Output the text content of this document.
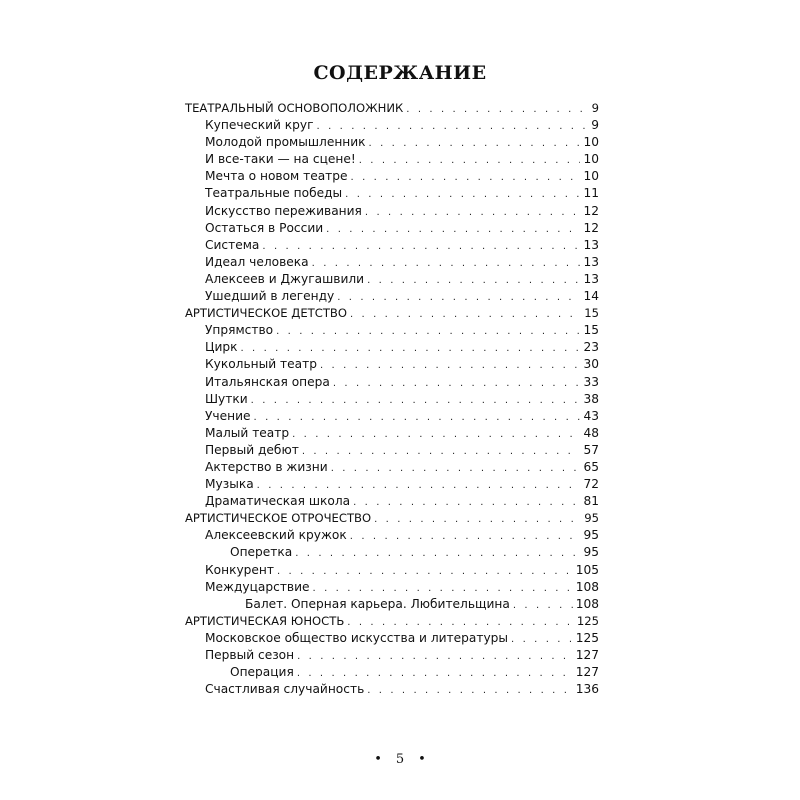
СОДЕРЖАНИЕ
ТЕАТРАЛЬНЫЙ ОСНОВОПОЛОЖНИК . . .	9
Купеческий круг . . .	9
Молодой промышленник . . .	10
И все-таки — на сцене! . . .	10
Мечта о новом театре . . .	10
Театральные победы . . .	11
Искусство переживания . . .	12
Остаться в России . . .	12
Система . . .	13
Идеал человека . . .	13
Алексеев и Джугашвили . . .	13
Ушедший в легенду . . .	14
АРТИСТИЧЕСКОЕ ДЕТСТВО . . .	15
Упрямство . . .	15
Цирк . . .	23
Кукольный театр . . .	30
Итальянская опера . . .	33
Шутки . . .	38
Учение . . .	43
Малый театр . . .	48
Первый дебют . . .	57
Актерство в жизни . . .	65
Музыка . . .	72
Драматическая школа . . .	81
АРТИСТИЧЕСКОЕ ОТРОЧЕСТВО . . .	95
Алексеевский кружок . . .	95
Оперетка . . .	95
Конкурент . . .	105
Междуцарствие . . .	108
Балет. Оперная карьера. Любительщина . . .	108
АРТИСТИЧЕСКАЯ ЮНОСТЬ . . .	125
Московское общество искусства и литературы . . .	125
Первый сезон . . .	127
Операция . . .	127
Счастливая случайность . . .	136
• 5 •
